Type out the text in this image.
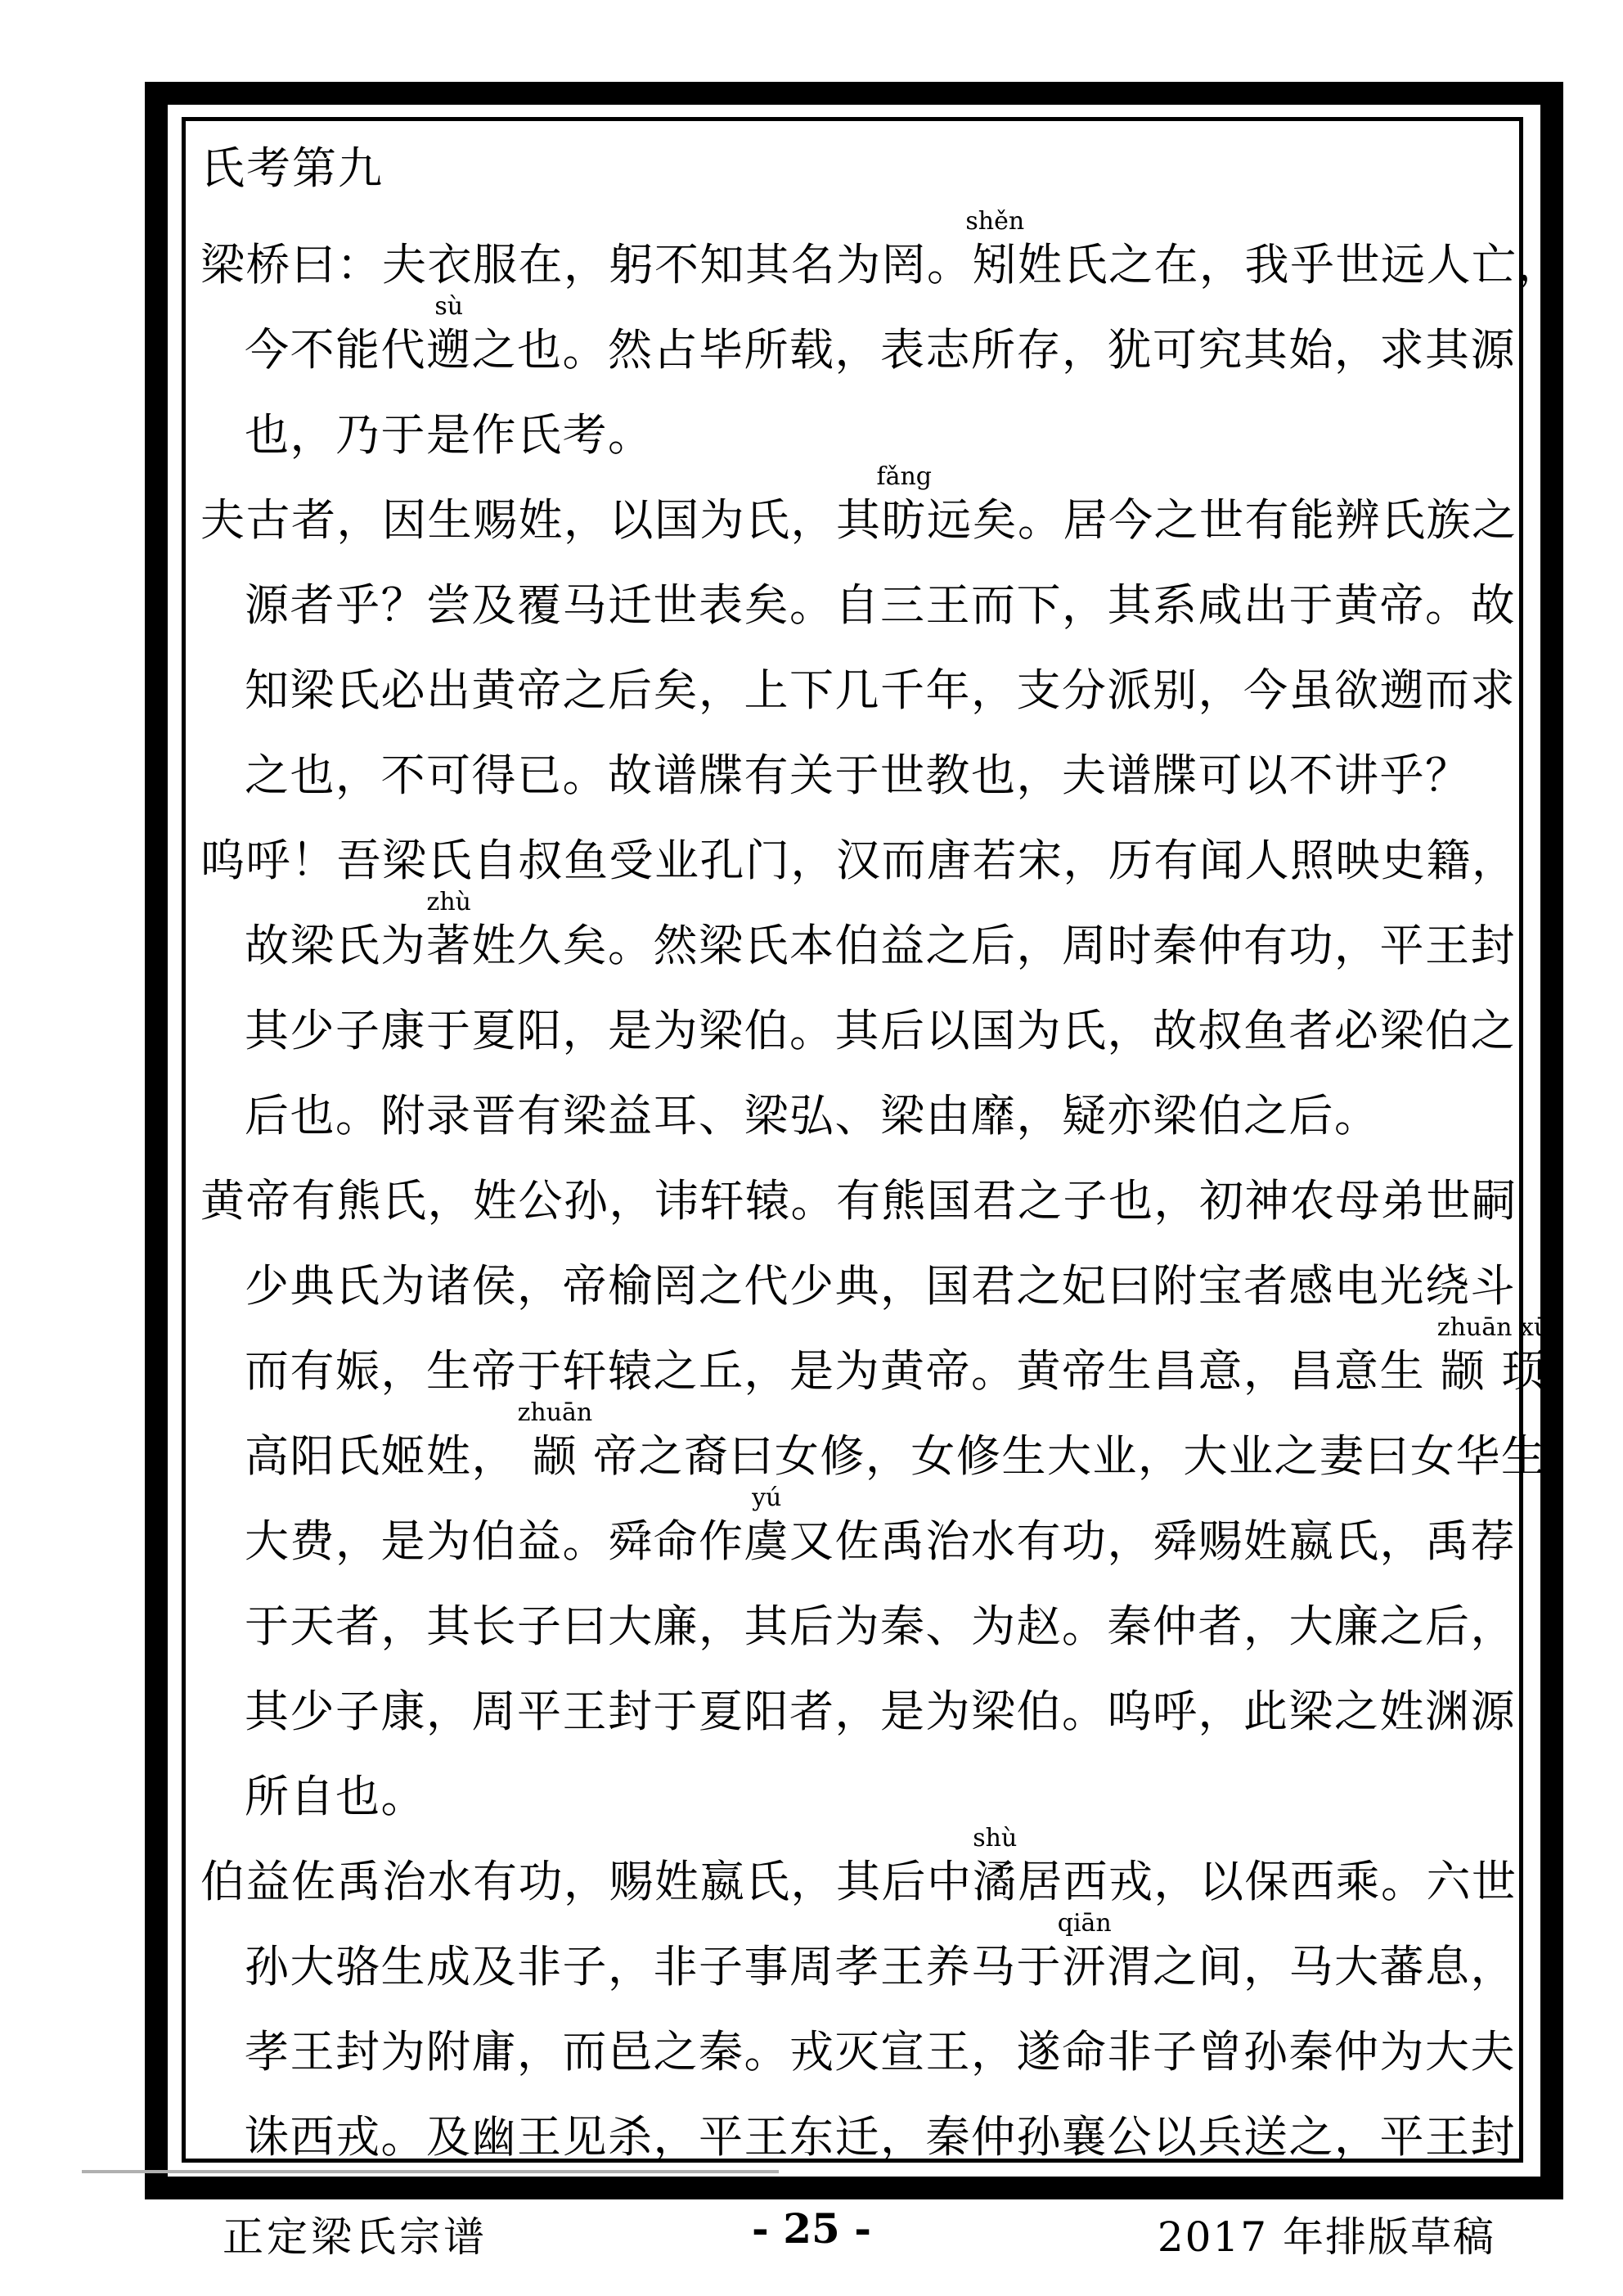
氏考第九
梁桥曰：夫衣服在，躬不知其名为罔。
shěn
矧姓氏之在，我乎世远人亡，
今不能代
sù
遡之也。然占毕所载，表志所存，犹可究其始，求其源
也，乃于是作氏考。
夫古者，因生赐姓，以国为氏，其
fǎng
昉远矣。居今之世有能辨氏族之
源者乎？尝及覆马迁世表矣。自三王而下，其系咸出于黄帝。故
知梁氏必出黄帝之后矣，上下几千年，支分派别，今虽欲遡而求
之也，不可得已。故谱牒有关于世教也，夫谱牒可以不讲乎？
呜呼！吾梁氏自叔鱼受业孔门，汉而唐若宋，历有闻人照映史籍，
故梁氏为
zhù
著姓久矣。然梁氏本伯益之后，周时秦仲有功，平王封
其少子康于夏阳，是为梁伯。其后以国为氏，故叔鱼者必梁伯之
后也。附录晋有梁益耳、梁弘、梁由靡，疑亦梁伯之后。
黄帝有熊氏，姓公孙，讳轩辕。有熊国君之子也，初神农母弟世嗣
少典氏为诸侯，帝榆罔之代少典，国君之妃曰附宝者感电光绕斗
而有娠，生帝于轩辕之丘，是为黄帝。黄帝生昌意，昌意生
zhuān xū
颛 顼，
高阳氏姬姓，
zhuān
颛 帝之裔曰女修，女修生大业，大业之妻曰女华生
大费，是为伯益。舜命作
yú
虞又佐禹治水有功，舜赐姓嬴氏，禹荐
于天者，其长子曰大廉，其后为秦、为赵。秦仲者，大廉之后，
其少子康，周平王封于夏阳者，是为梁伯。呜呼，此梁之姓渊源
所自也。
伯益佐禹治水有功，赐姓嬴氏，其后中
shù
潏居西戎，以保西乘。六世
孙大骆生成及非子，非子事周孝王养马于
qiān
汧渭之间，马大蕃息，
孝王封为附庸，而邑之秦。戎灭宣王，遂命非子曾孙秦仲为大夫
诛西戎。及幽王见杀，平王东迁，秦仲孙襄公以兵送之，平王封
- 25 -
正定梁氏宗谱	2017 年排版草稿
